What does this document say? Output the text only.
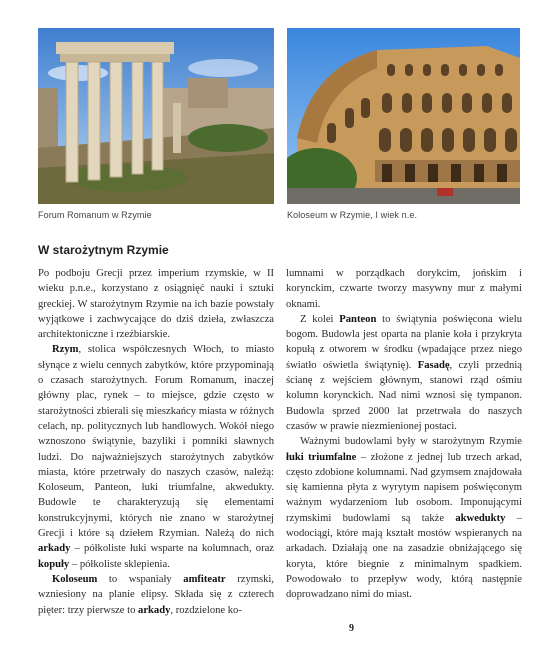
Forum Romanum w Rzymie	Koloseum w Rzymie, I wiek n.e.
W starożytnym Rzymie

Po podboju Grecji przez imperium rzymskie, w II wieku p.n.e., korzystano z osiągnięć nauki i sztuki greckiej. W starożytnym Rzymie na ich bazie powstały wyjątkowe i zachwycające do dziś dzieła, zwłaszcza architektoniczne i rzeźbiarskie.

Rzym, stolica współczesnych Włoch, to miasto słynące z wielu cennych zabytków, które przypominają o czasach starożytnych. Forum Romanum, inaczej główny plac, rynek – to miejsce, gdzie często w starożytności zbierali się mieszkańcy miasta w różnych celach, np. politycznych lub handlowych. Wokół niego wznoszono świątynie, bazyliki i pomniki sławnych ludzi. Do najważniejszych starożytnych zabytków miasta, które przetrwały do naszych czasów, należą: Koloseum, Panteon, łuki triumfalne, akwedukty. Budowle te charakteryzują się elementami konstrukcyjnymi, których nie znano w starożytnej Grecji i które są dziełem Rzymian. Należą do nich arkady – półkoliste łuki wsparte na kolumnach, oraz kopuły – półkoliste sklepienia.

Koloseum to wspaniały amfiteatr rzymski, wzniesiony na planie elipsy. Składa się z czterech pięter: trzy pierwsze to arkady, rozdzielone ko-

lumnami w porządkach dorykcim, jońskim i korynckim, czwarte tworzy masywny mur z małymi oknami.

Z kolei Panteon to świątynia poświęcona wielu bogom. Budowla jest oparta na planie koła i przykryta kopułą z otworem w środku (wpadające przez niego światło oświetla świątynię). Fasadę, czyli przednią ścianę z wejściem głównym, stanowi rząd ośmiu kolumn korynckich. Nad nimi wznosi się tympanon. Budowla sprzed 2000 lat przetrwała do naszych czasów w prawie niezmienionej postaci.

Ważnymi budowlami były w starożytnym Rzymie łuki triumfalne – złożone z jednej lub trzech arkad, często zdobione kolumnami. Nad gzymsem znajdowała się kamienna płyta z wyrytym napisem poświęconym ważnym wydarzeniom lub osobom. Imponującymi rzymskimi budowlami są także akwedukty – wodociągi, które mają kształt mostów wspieranych na arkadach. Działają one na zasadzie obniżającego się koryta, które biegnie z minimalnym spadkiem. Powodowało to przepływ wody, którą następnie doprowadzano nimi do miast.

9
